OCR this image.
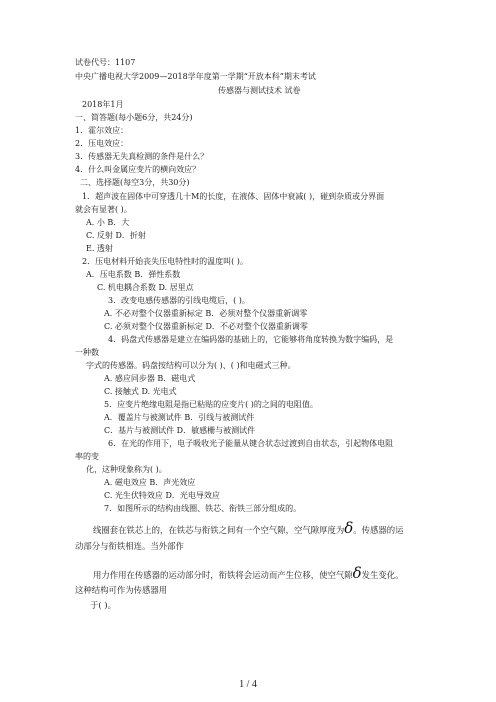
试卷代号：1107
中央广播电视大学2009—2018学年度第一学期“开放本科”期末考试
传感器与测试技术 试卷
2018年1月
一、简答题(每小题6分，共24分)
1．霍尔效应：
2．压电效应：
3．传感器无失真检测的条件是什么？
4．什么叫金属应变片的横向效应？
二、选择题(每空3分，共30分)
1．超声波在固体中可穿透几十M的长度，在液体、固体中衰减( )，碰到杂质或分界面
就会有显著( )。
A. 小 B．大
C. 反射 D．折射
E. 透射
2．压电材料开始丧失压电特性时的温度叫( )。
A．压电系数 B．弹性系数
C. 机电耦合系数 D. 居里点
3．改变电感传感器的引线电缆后，( )。
A. 不必对整个仪器重新标定 B．必须对整个仪器重新调零
C. 必须对整个仪器重新标定 D．不必对整个仪器重新调零
4．码盘式传感器是建立在编码器的基础上的，它能够将角度转换为数字编码，是
一种数
字式的传感器。码盘按结构可以分为( )、( )和电磁式三种。
A. 感应同步器 B．磁电式
C. 接触式 D. 光电式
5．应变片绝缘电阻是指已粘贴的应变片( )的之间的电阻值。
A．覆盖片与被测试件 B．引线与被测试件
C．基片与被测试件 D．敏感栅与被测试件
6．在光的作用下，电子吸收光子能量从键合状态过渡到自由状态，引起物体电阻
率的变
化，这种现象称为( )。
A. 磁电效应 B．声光效应
C. 光生伏特效应 D．光电导效应
7．如图所示的结构由线圈、铁芯、衔铁三部分组成的。
线圈套在铁芯上的，在铁芯与衔铁之间有一个空气隙，空气隙厚度为δ。传感器的运
动部分与衔铁相连。当外部作
用力作用在传感器的运动部分时，衔铁将会运动而产生位移，使空气隙δ发生变化。
这种结构可作为传感器用
于( )。
1 / 4
